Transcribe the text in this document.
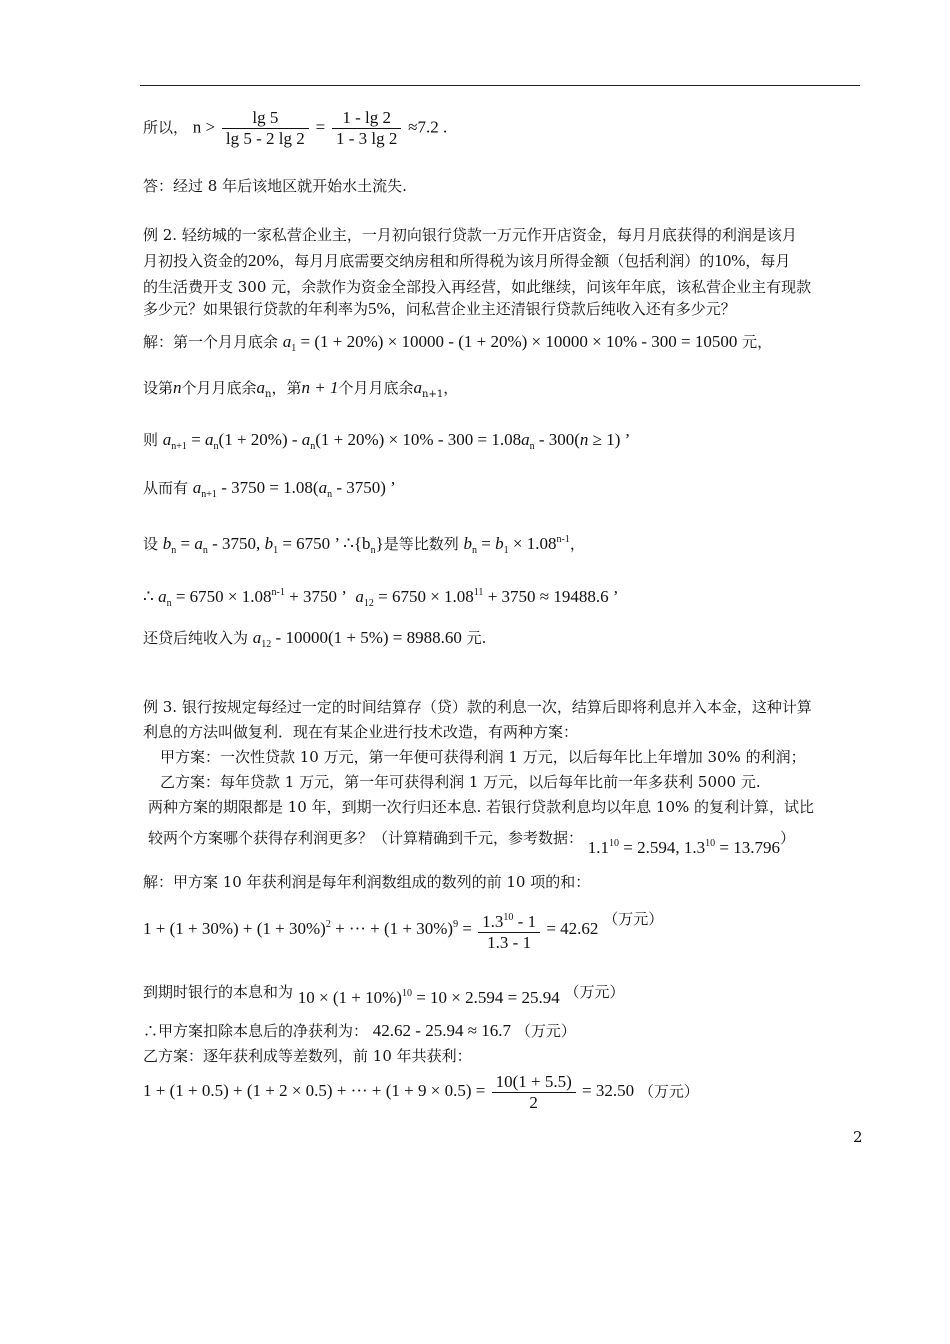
所以， $n > \frac{\lg 5}{\lg 5 - 2 \lg 2} = \frac{1 - \lg 2}{1 - 3 \lg 2} \approx 7.2$ .
答：经过 8 年后该地区就开始水土流失.
例 2. 轻纺城的一家私营企业主，一月初向银行贷款一万元作开店资金，每月月底获得的利润是该月
月初投入资金的20%，每月月底需要交纳房租和所得税为该月所得金额（包括利润）的10%，每月
的生活费开支 300 元，余款作为资金全部投入再经营，如此继续，问该年年底，该私营企业主有现款
多少元？如果银行贷款的年利率为5%，问私营企业主还清银行贷款后纯收入还有多少元？
解：第一个月月底余 $a_1 = (1 + 20\%) \times 10000 - (1 + 20\%) \times 10000 \times 10\% - 300 = 10500$ 元，
设第n个月月底余$a_n$，第n + 1个月月底余$a_{n+1}$，
则 $a_{n+1} = a_n(1 + 20\%) - a_n(1 + 20\%) \times 10\% - 300 = 1.08a_n - 300(n \ge 1)$ ’
从而有 $a_{n+1} - 3750 = 1.08(a_n - 3750)$ ’
设 $b_n = a_n - 3750$, $b_1 = 6750$ ’ $\therefore\{b_n\}$是等比数列 $b_n = b_1 \times 1.08^{n-1}$，
∴ $a_n = 6750 \times 1.08^{n-1} + 3750$ ’ $a_{12} = 6750 \times 1.08^{11} + 3750 \approx 19488.6$ ’
还贷后纯收入为 $a_{12} - 10000(1 + 5\%) = 8988.60$ 元.
例 3. 银行按规定每经过一定的时间结算存（贷）款的利息一次，结算后即将利息并入本金，这种计算
利息的方法叫做复利．现在有某企业进行技术改造，有两种方案：
甲方案：一次性贷款 10 万元，第一年便可获得利润 1 万元，以后每年比上年增加 30% 的利润；
乙方案：每年贷款 1 万元，第一年可获得利润 1 万元，以后每年比前一年多获利 5000 元.
两种方案的期限都是 10 年，到期一次行归还本息. 若银行贷款利息均以年息 10% 的复利计算，试比
较两个方案哪个获得存利润更多？（计算精确到千元，参考数据： $1.1^{10} = 2.594$, $1.3^{10} = 13.796$）
解：甲方案 10 年获利润是每年利润数组成的数列的前 10 项的和：
$1 + (1 + 30\%) + (1 + 30\%)^2$ + ··· + $(1 + 30\%)^9 = \frac{1.3^{10} - 1}{1.3 - 1} = 42.62$ （万元）
到期时银行的本息和为 $10 \times (1 + 10\%)^{10} = 10 \times 2.594 = 25.94$ （万元）
∴甲方案扣除本息后的净获利为： 42.62 - 25.94 ≈ 16.7 （万元）
乙方案：逐年获利成等差数列，前 10 年共获利：
1 + (1 + 0.5) + (1 + 2 × 0.5) + ··· + $(1 + 9 \times 0.5) = \frac{10(1 + 5.5)}{2} = 32.50$ （万元）
2
